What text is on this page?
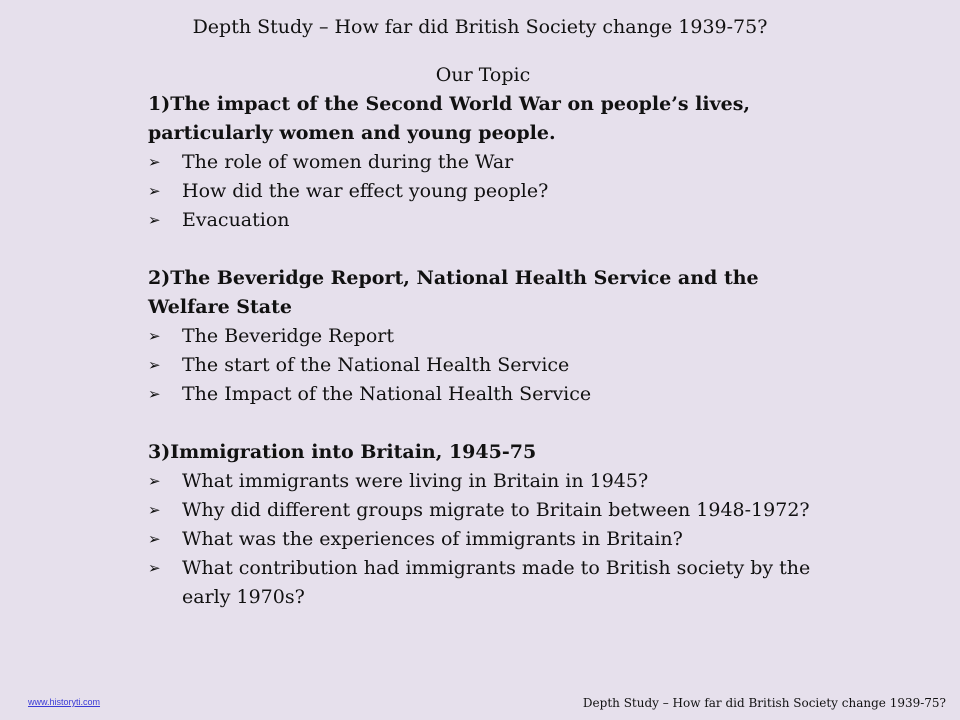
Depth Study – How far did British Society change 1939-75?
Our Topic
1)The impact of the Second World War on people’s lives, particularly women and young people.
➢	The role of women during the War
➢	How did the war effect young people?
➢	Evacuation
2)The Beveridge Report, National Health Service and the Welfare State
➢	The Beveridge Report
➢	The start of the National Health Service
➢	The Impact of the National Health Service
3)Immigration into Britain, 1945-75
➢	What immigrants were living in Britain in 1945?
➢	Why did different groups migrate to Britain between 1948-1972?
➢	What was the experiences of immigrants in Britain?
➢	What contribution had immigrants made to British society by the early 1970s?
www.historyti.com	Depth Study – How far did British Society change 1939-75?
